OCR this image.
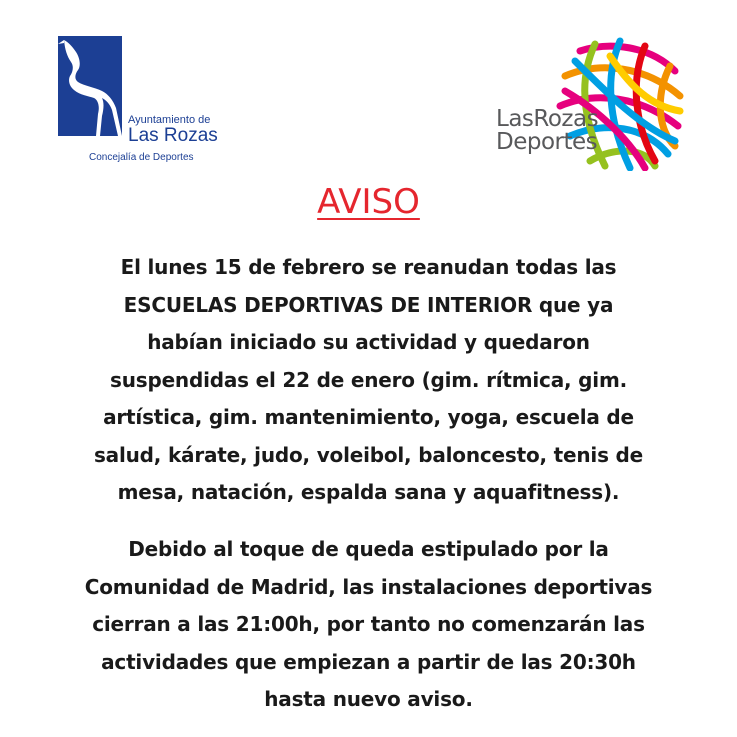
Ayuntamiento de
Las Rozas
Concejalía de Deportes
LasRozas
Deportes
AVISO
El lunes 15 de febrero se reanudan todas las
ESCUELAS DEPORTIVAS DE INTERIOR que ya
habían iniciado su actividad y quedaron
suspendidas el 22 de enero (gim. rítmica, gim.
artística, gim. mantenimiento, yoga, escuela de
salud, kárate, judo, voleibol, baloncesto, tenis de
mesa, natación, espalda sana y aquafitness).
Debido al toque de queda estipulado por la
Comunidad de Madrid, las instalaciones deportivas
cierran a las 21:00h, por tanto no comenzarán las
actividades que empiezan a partir de las 20:30h
hasta nuevo aviso.
